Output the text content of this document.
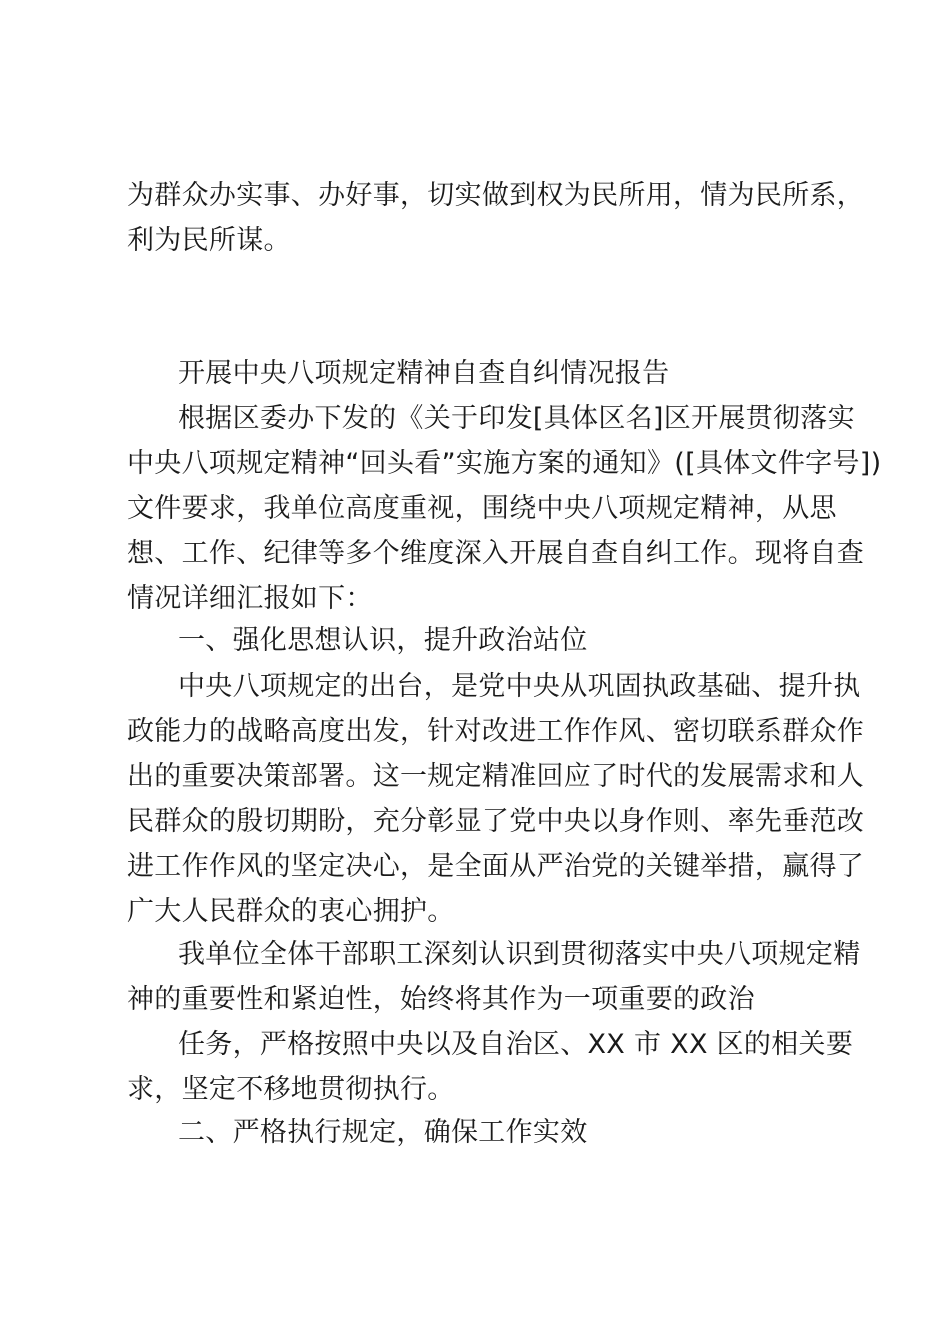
为群众办实事、办好事，切实做到权为民所用，情为民所系，

利为民所谋。

开展中央八项规定精神自查自纠情况报告

根据区委办下发的《关于印发[具体区名]区开展贯彻落实

中央八项规定精神“回头看”实施方案的通知》([具体文件字号])

文件要求，我单位高度重视，围绕中央八项规定精神，从思

想、工作、纪律等多个维度深入开展自查自纠工作。现将自查

情况详细汇报如下：

一、强化思想认识，提升政治站位

中央八项规定的出台，是党中央从巩固执政基础、提升执

政能力的战略高度出发，针对改进工作作风、密切联系群众作

出的重要决策部署。这一规定精准回应了时代的发展需求和人

民群众的殷切期盼，充分彰显了党中央以身作则、率先垂范改

进工作作风的坚定决心，是全面从严治党的关键举措，赢得了

广大人民群众的衷心拥护。

我单位全体干部职工深刻认识到贯彻落实中央八项规定精

神的重要性和紧迫性，始终将其作为一项重要的政治

任务，严格按照中央以及自治区、XX 市 XX 区的相关要

求，坚定不移地贯彻执行。

二、严格执行规定，确保工作实效
